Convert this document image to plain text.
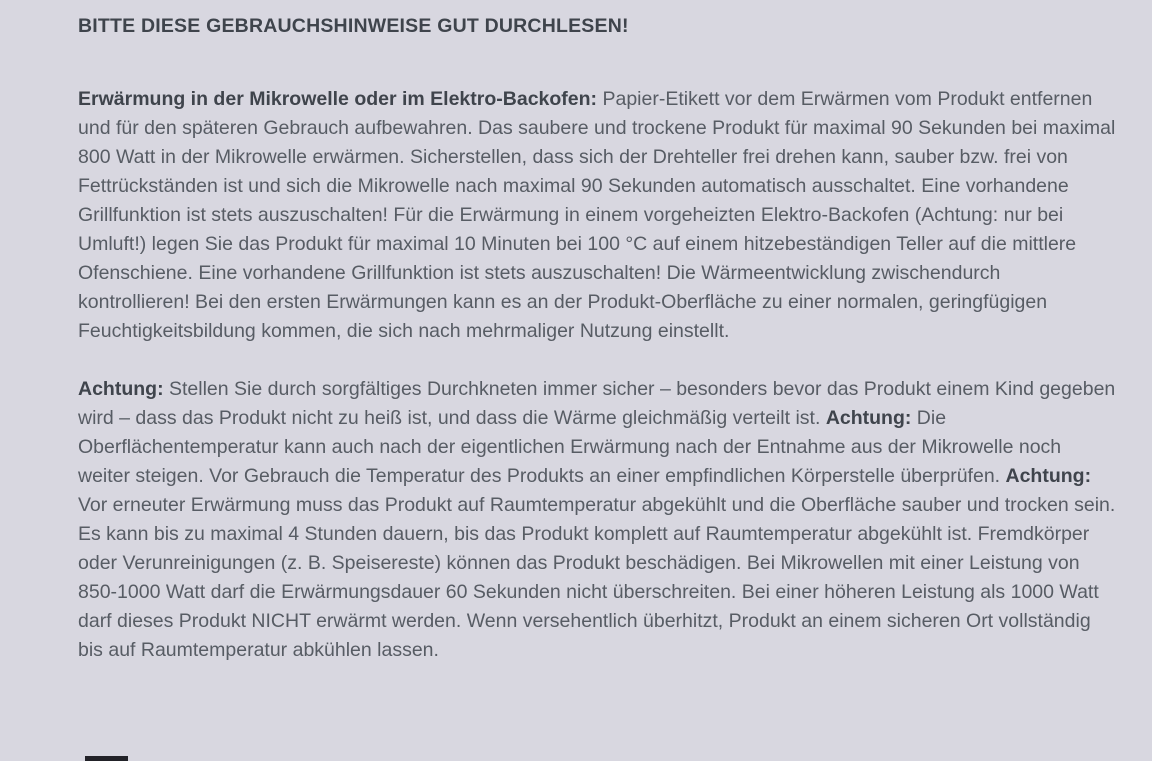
BITTE DIESE GEBRAUCHSHINWEISE GUT DURCHLESEN!

Erwärmung in der Mikrowelle oder im Elektro-Backofen: Papier-Etikett vor dem Erwärmen vom Produkt entfernen und für den späteren Gebrauch aufbewahren. Das saubere und trockene Produkt für maximal 90 Sekunden bei maximal 800 Watt in der Mikrowelle erwärmen. Sicherstellen, dass sich der Drehteller frei drehen kann, sauber bzw. frei von Fettrückständen ist und sich die Mikrowelle nach maximal 90 Sekunden automatisch ausschaltet. Eine vorhandene Grillfunktion ist stets auszuschalten! Für die Erwärmung in einem vorgeheizten Elektro-Backofen (Achtung: nur bei Umluft!) legen Sie das Produkt für maximal 10 Minuten bei 100 °C auf einem hitzebeständigen Teller auf die mittlere Ofenschiene. Eine vorhandene Grillfunktion ist stets auszuschalten! Die Wärmeentwicklung zwischendurch kontrollieren! Bei den ersten Erwärmungen kann es an der Produkt-Oberfläche zu einer normalen, geringfügigen Feuchtigkeitsbildung kommen, die sich nach mehrmaliger Nutzung einstellt.

Achtung: Stellen Sie durch sorgfältiges Durchkneten immer sicher – besonders bevor das Produkt einem Kind gegeben wird – dass das Produkt nicht zu heiß ist, und dass die Wärme gleichmäßig verteilt ist. Achtung: Die Oberflächentemperatur kann auch nach der eigentlichen Erwärmung nach der Entnahme aus der Mikrowelle noch weiter steigen. Vor Gebrauch die Temperatur des Produkts an einer empfindlichen Körperstelle überprüfen. Achtung: Vor erneuter Erwärmung muss das Produkt auf Raumtemperatur abgekühlt und die Oberfläche sauber und trocken sein. Es kann bis zu maximal 4 Stunden dauern, bis das Produkt komplett auf Raumtemperatur abgekühlt ist. Fremdkörper oder Verunreinigungen (z. B. Speisereste) können das Produkt beschädigen. Bei Mikrowellen mit einer Leistung von 850-1000 Watt darf die Erwärmungsdauer 60 Sekunden nicht überschreiten. Bei einer höheren Leistung als 1000 Watt darf dieses Produkt NICHT erwärmt werden. Wenn versehentlich überhitzt, Produkt an einem sicheren Ort vollständig bis auf Raumtemperatur abkühlen lassen.
